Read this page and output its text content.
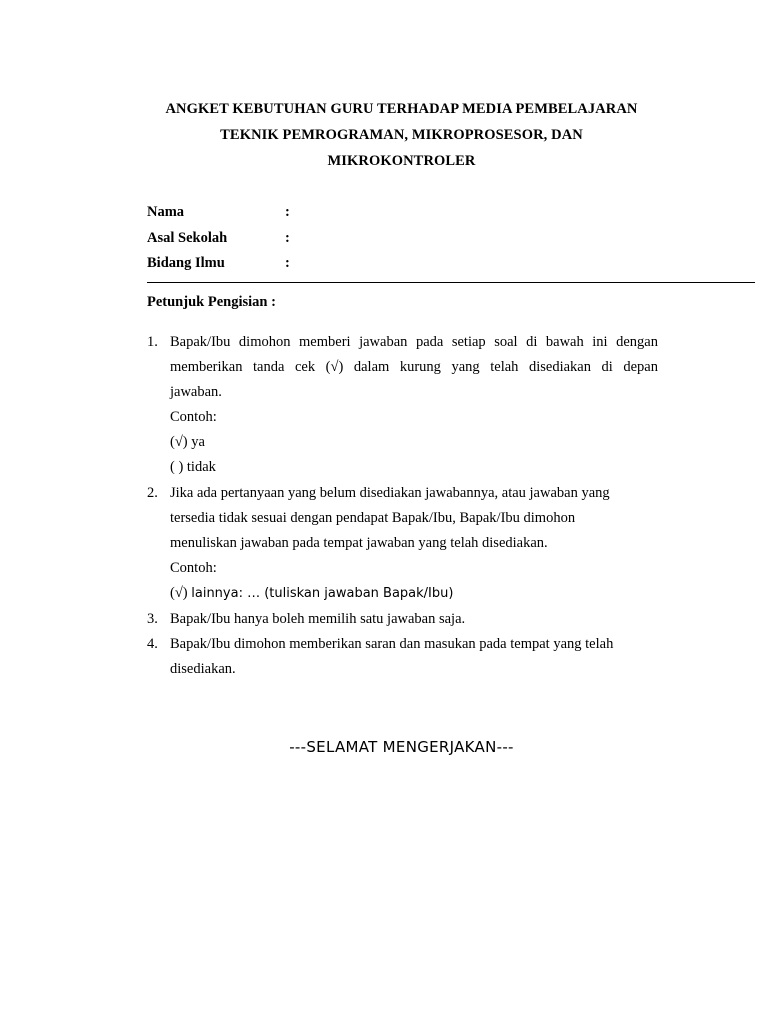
ANGKET KEBUTUHAN GURU TERHADAP MEDIA PEMBELAJARAN
TEKNIK PEMROGRAMAN, MIKROPROSESOR, DAN
MIKROKONTROLER
Nama	:
Asal Sekolah	:
Bidang Ilmu	:
Petunjuk Pengisian :
1. Bapak/Ibu dimohon memberi jawaban pada setiap soal di bawah ini dengan
memberikan tanda cek (√) dalam kurung yang telah disediakan di depan
jawaban.
Contoh:
(√) ya
( ) tidak
2. Jika ada pertanyaan yang belum disediakan jawabannya, atau jawaban yang
tersedia tidak sesuai dengan pendapat Bapak/Ibu, Bapak/Ibu dimohon
menuliskan jawaban pada tempat jawaban yang telah disediakan.
Contoh:
(√) lainnya: … (tuliskan jawaban Bapak/Ibu)
3. Bapak/Ibu hanya boleh memilih satu jawaban saja.
4. Bapak/Ibu dimohon memberikan saran dan masukan pada tempat yang telah
disediakan.
---SELAMAT MENGERJAKAN---
